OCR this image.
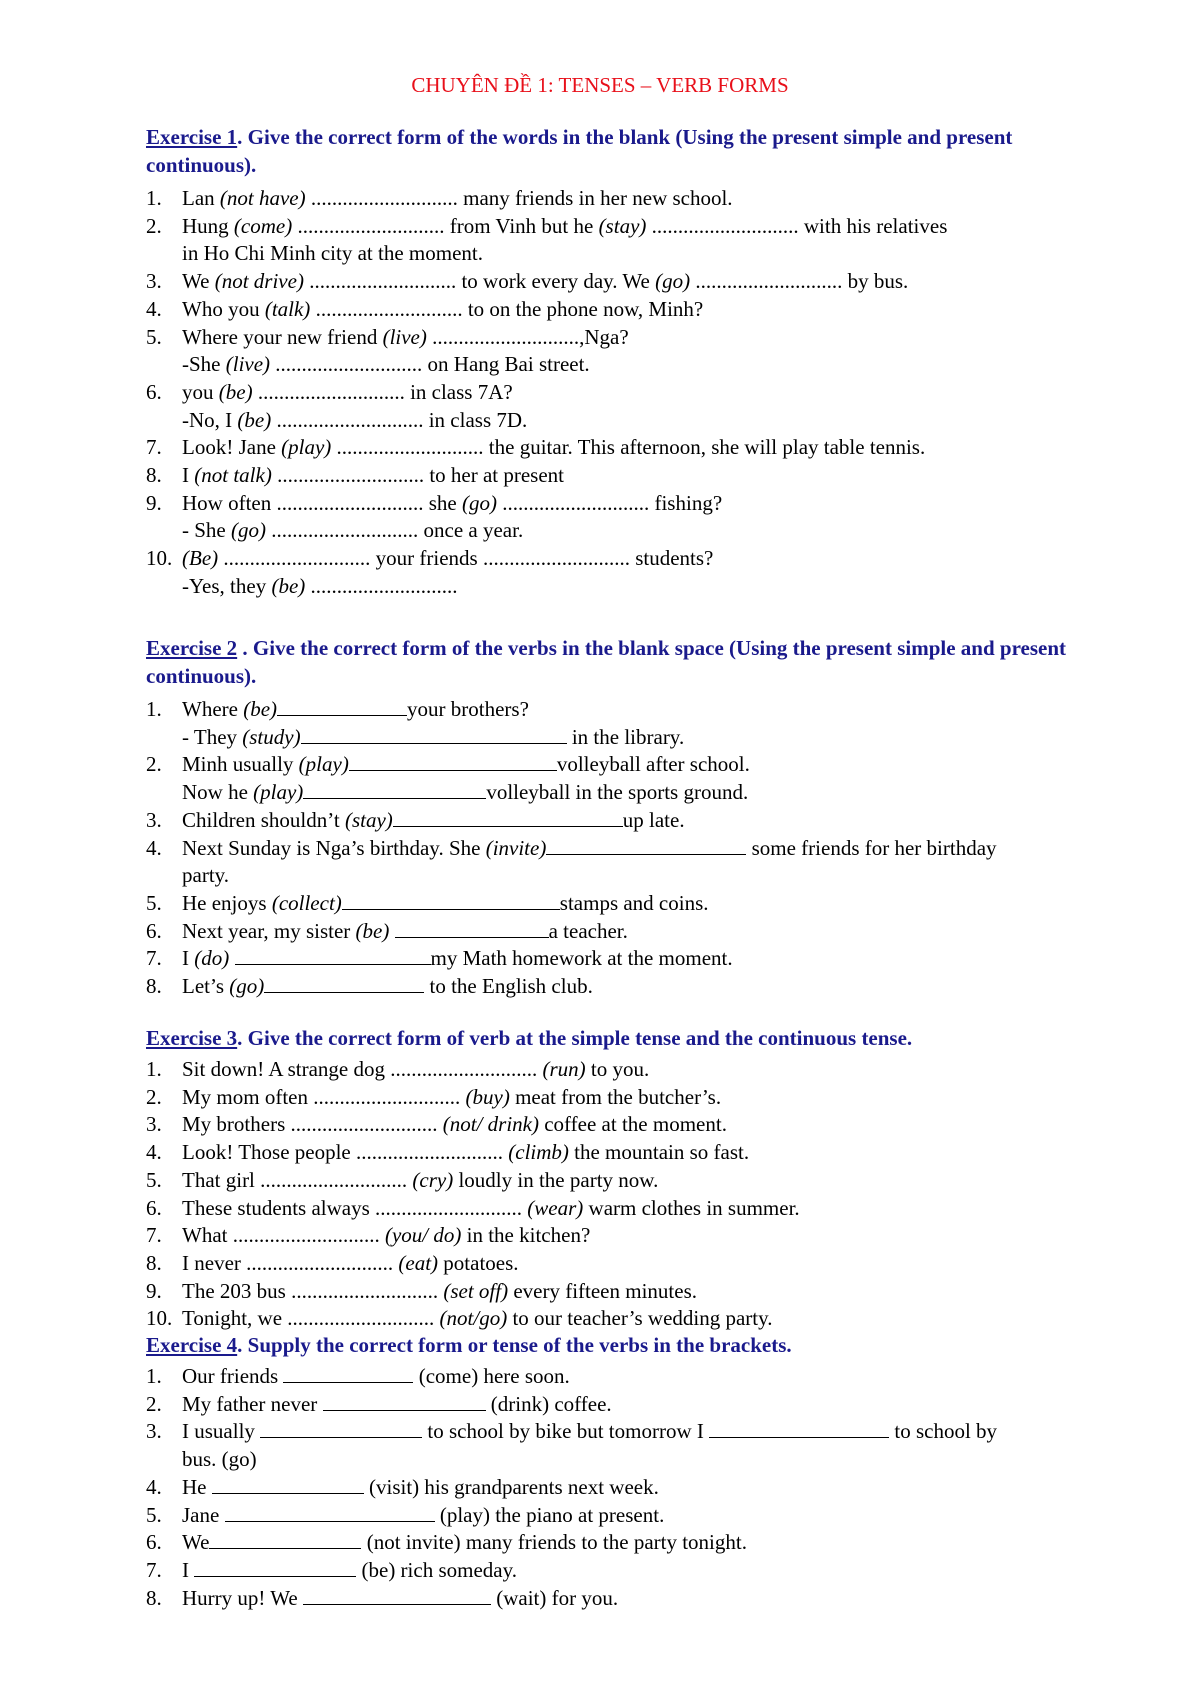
CHUYÊN ĐỀ 1: TENSES – VERB FORMS
Exercise 1. Give the correct form of the words in the blank (Using the present simple and present continuous).
1. Lan (not have) ............................ many friends in her new school.
2. Hung (come) ............................ from Vinh but he (stay) ............................ with his relatives
in Ho Chi Minh city at the moment.
3. We (not drive) ............................ to work every day. We (go) ............................ by bus.
4. Who you (talk) ............................ to on the phone now, Minh?
5. Where your new friend (live) ............................,Nga?
-She (live) ............................ on Hang Bai street.
6. you (be) ............................ in class 7A?
-No, I (be) ............................ in class 7D.
7. Look! Jane (play) ............................ the guitar. This afternoon, she will play table tennis.
8. I (not talk) ............................ to her at present
9. How often ............................ she (go) ............................ fishing?
- She (go) ............................ once a year.
10. (Be) ............................ your friends ............................ students?
-Yes, they (be) ............................
Exercise 2 . Give the correct form of the verbs in the blank space (Using the present simple and present continuous).
1. Where (be)	your brothers?
- They (study)	in the library.
2. Minh usually (play)	volleyball after school.
Now he (play)	volleyball in the sports ground.
3. Children shouldn’t (stay)	up late.
4. Next Sunday is Nga’s birthday. She (invite)	some friends for her birthday
party.
5. He enjoys (collect)	stamps and coins.
6. Next year, my sister (be)	a teacher.
7. I (do)	my Math homework at the moment.
8. Let’s (go)	to the English club.
Exercise 3. Give the correct form of verb at the simple tense and the continuous tense.
1. Sit down! A strange dog ............................ (run) to you.
2. My mom often ............................ (buy) meat from the butcher’s.
3. My brothers ............................ (not/ drink) coffee at the moment.
4. Look! Those people ............................ (climb) the mountain so fast.
5. That girl ............................ (cry) loudly in the party now.
6. These students always ............................ (wear) warm clothes in summer.
7. What ............................ (you/ do) in the kitchen?
8. I never ............................ (eat) potatoes.
9. The 203 bus ............................ (set off) every fifteen minutes.
10. Tonight, we ............................ (not/go) to our teacher’s wedding party.
Exercise 4. Supply the correct form or tense of the verbs in the brackets.
1. Our friends	(come) here soon.
2. My father never	(drink) coffee.
3. I usually	to school by bike but tomorrow I	to school by
bus. (go)
4. He	(visit) his grandparents next week.
5. Jane	(play) the piano at present.
6. We	(not invite) many friends to the party tonight.
7. I	(be) rich someday.
8. Hurry up! We	(wait) for you.
